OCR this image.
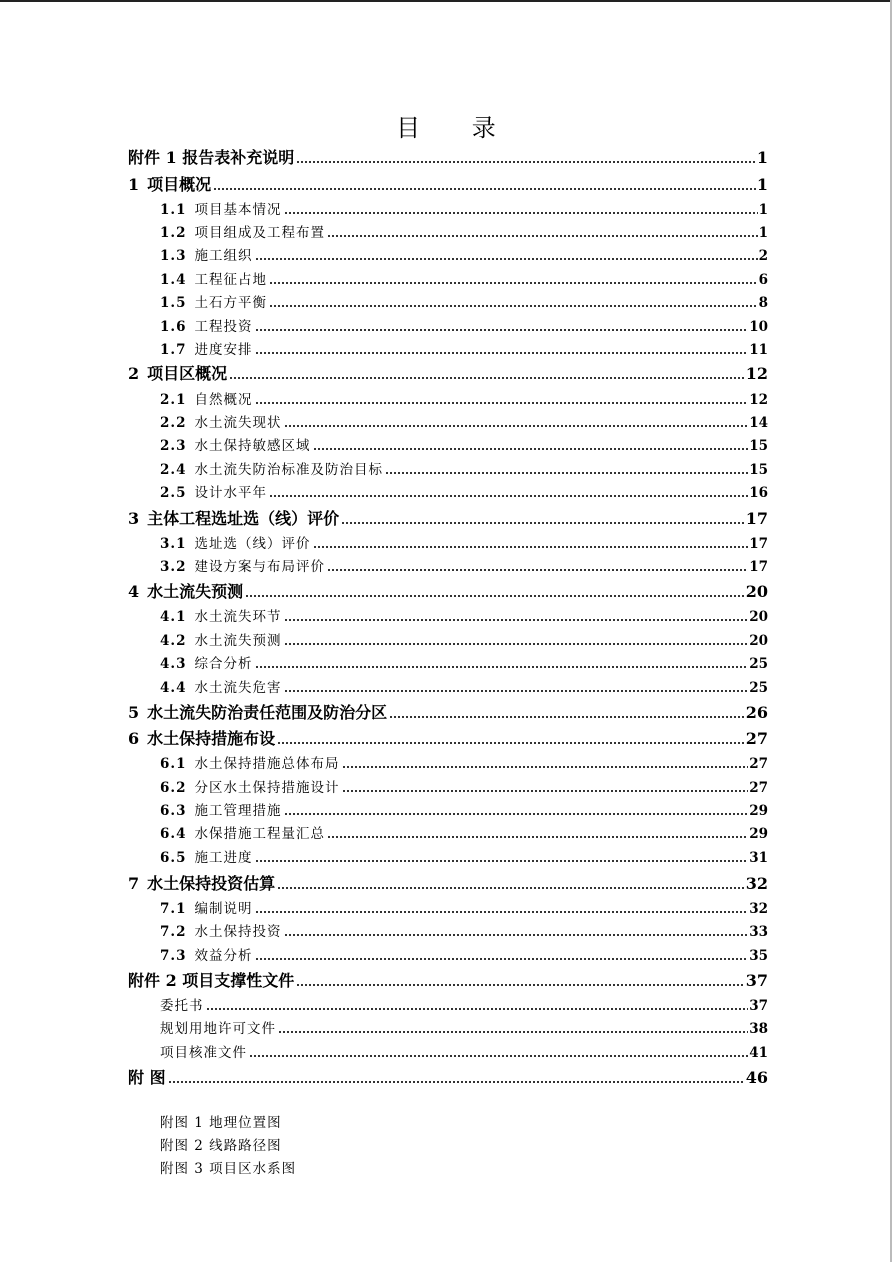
目 录
附件 1 报告表补充说明	1
1 项目概况	1
1.1 项目基本情况	1
1.2 项目组成及工程布置	1
1.3 施工组织	2
1.4 工程征占地	6
1.5 土石方平衡	8
1.6 工程投资	10
1.7 进度安排	11
2 项目区概况	12
2.1 自然概况	12
2.2 水土流失现状	14
2.3 水土保持敏感区域	15
2.4 水土流失防治标准及防治目标	15
2.5 设计水平年	16
3 主体工程选址选（线）评价	17
3.1 选址选（线）评价	17
3.2 建设方案与布局评价	17
4 水土流失预测	20
4.1 水土流失环节	20
4.2 水土流失预测	20
4.3 综合分析	25
4.4 水土流失危害	25
5 水土流失防治责任范围及防治分区	26
6 水土保持措施布设	27
6.1 水土保持措施总体布局	27
6.2 分区水土保持措施设计	27
6.3 施工管理措施	29
6.4 水保措施工程量汇总	29
6.5 施工进度	31
7 水土保持投资估算	32
7.1 编制说明	32
7.2 水土保持投资	33
7.3 效益分析	35
附件 2 项目支撑性文件	37
委托书	37
规划用地许可文件	38
项目核准文件	41
附 图	46
附图 1 地理位置图
附图 2 线路路径图
附图 3 项目区水系图
